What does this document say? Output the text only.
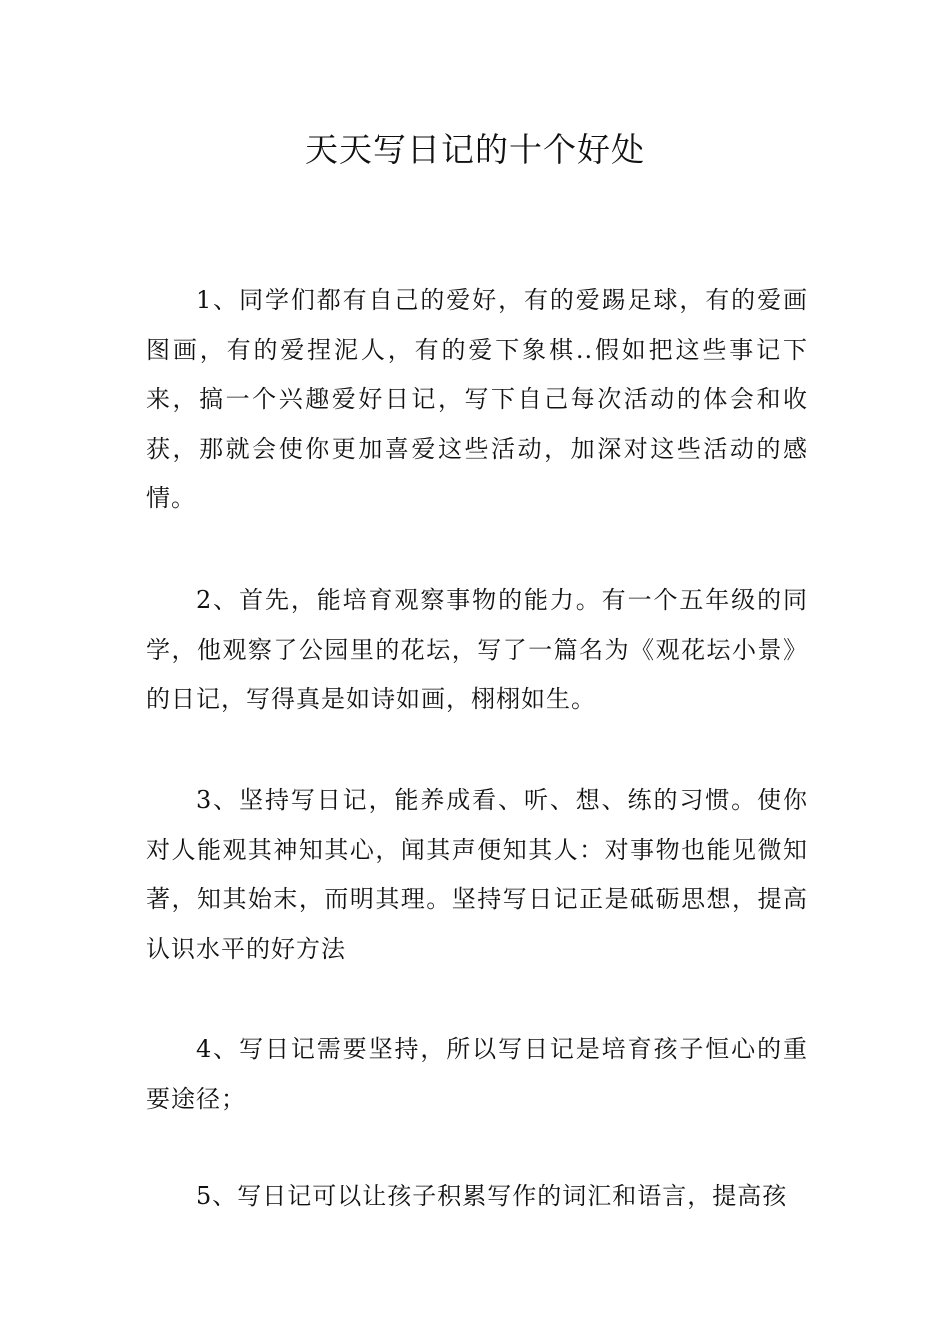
天天写日记的十个好处

1、同学们都有自己的爱好，有的爱踢足球，有的爱画图画，有的爱捏泥人，有的爱下象棋..假如把这些事记下来，搞一个兴趣爱好日记，写下自己每次活动的体会和收获，那就会使你更加喜爱这些活动，加深对这些活动的感情。

2、首先，能培育观察事物的能力。有一个五年级的同学，他观察了公园里的花坛，写了一篇名为《观花坛小景》的日记，写得真是如诗如画，栩栩如生。

3、坚持写日记，能养成看、听、想、练的习惯。使你对人能观其神知其心，闻其声便知其人：对事物也能见微知著，知其始末，而明其理。坚持写日记正是砥砺思想，提高认识水平的好方法

4、写日记需要坚持，所以写日记是培育孩子恒心的重要途径；

5、写日记可以让孩子积累写作的词汇和语言，提高孩
